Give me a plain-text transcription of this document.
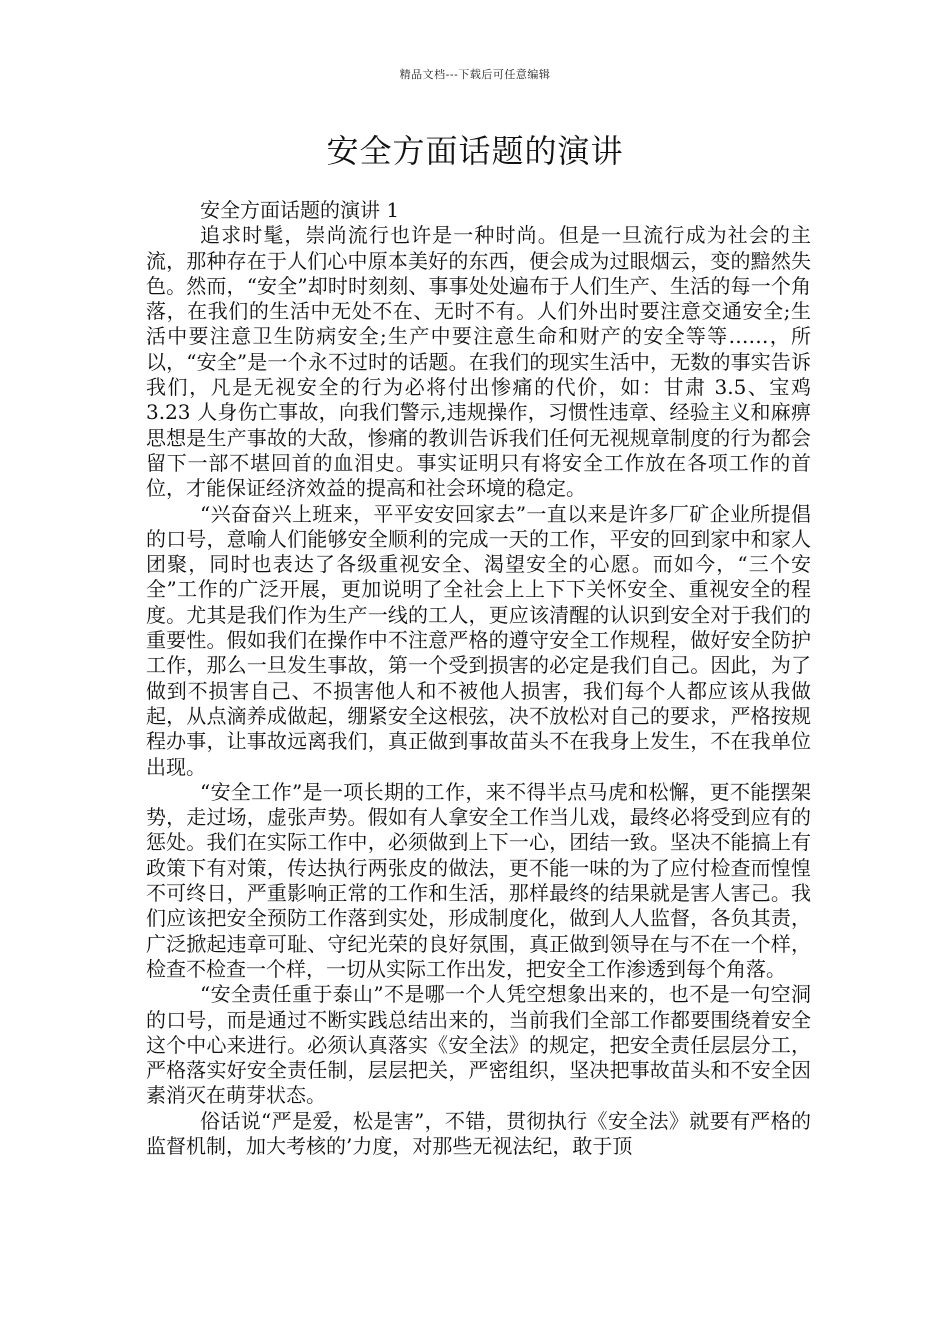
精品文档---下载后可任意编辑
安全方面话题的演讲

安全方面话题的演讲 1

追求时髦，崇尚流行也许是一种时尚。但是一旦流行成为社会的主流，那种存在于人们心中原本美好的东西，便会成为过眼烟云，变的黯然失色。然而，“安全”却时时刻刻、事事处处遍布于人们生产、生活的每一个角落，在我们的生活中无处不在、无时不有。人们外出时要注意交通安全;生活中要注意卫生防病安全;生产中要注意生命和财产的安全等等……，所以，“安全”是一个永不过时的话题。在我们的现实生活中，无数的事实告诉我们，凡是无视安全的行为必将付出惨痛的代价，如：甘肃 3.5、宝鸡 3.23 人身伤亡事故，向我们警示,违规操作，习惯性违章、经验主义和麻痹思想是生产事故的大敌，惨痛的教训告诉我们任何无视规章制度的行为都会留下一部不堪回首的血泪史。事实证明只有将安全工作放在各项工作的首位，才能保证经济效益的提高和社会环境的稳定。

“兴奋奋兴上班来，平平安安回家去”一直以来是许多厂矿企业所提倡的口号，意喻人们能够安全顺利的完成一天的工作，平安的回到家中和家人团聚，同时也表达了各级重视安全、渴望安全的心愿。而如今，“三个安全”工作的广泛开展，更加说明了全社会上上下下关怀安全、重视安全的程度。尤其是我们作为生产一线的工人，更应该清醒的认识到安全对于我们的重要性。假如我们在操作中不注意严格的遵守安全工作规程，做好安全防护工作，那么一旦发生事故，第一个受到损害的必定是我们自己。因此，为了做到不损害自己、不损害他人和不被他人损害，我们每个人都应该从我做起，从点滴养成做起，绷紧安全这根弦，决不放松对自己的要求，严格按规程办事，让事故远离我们，真正做到事故苗头不在我身上发生，不在我单位出现。

“安全工作”是一项长期的工作，来不得半点马虎和松懈，更不能摆架势，走过场，虚张声势。假如有人拿安全工作当儿戏，最终必将受到应有的惩处。我们在实际工作中，必须做到上下一心，团结一致。坚决不能搞上有政策下有对策，传达执行两张皮的做法，更不能一味的为了应付检查而惶惶不可终日，严重影响正常的工作和生活，那样最终的结果就是害人害己。我们应该把安全预防工作落到实处，形成制度化，做到人人监督，各负其责，广泛掀起违章可耻、守纪光荣的良好氛围，真正做到领导在与不在一个样，检查不检查一个样，一切从实际工作出发，把安全工作渗透到每个角落。

“安全责任重于泰山”不是哪一个人凭空想象出来的，也不是一句空洞的口号，而是通过不断实践总结出来的，当前我们全部工作都要围绕着安全这个中心来进行。必须认真落实《安全法》的规定，把安全责任层层分工，严格落实好安全责任制，层层把关，严密组织，坚决把事故苗头和不安全因素消灭在萌芽状态。

俗话说“严是爱，松是害”，不错，贯彻执行《安全法》就要有严格的监督机制，加大考核的’力度，对那些无视法纪，敢于顶
